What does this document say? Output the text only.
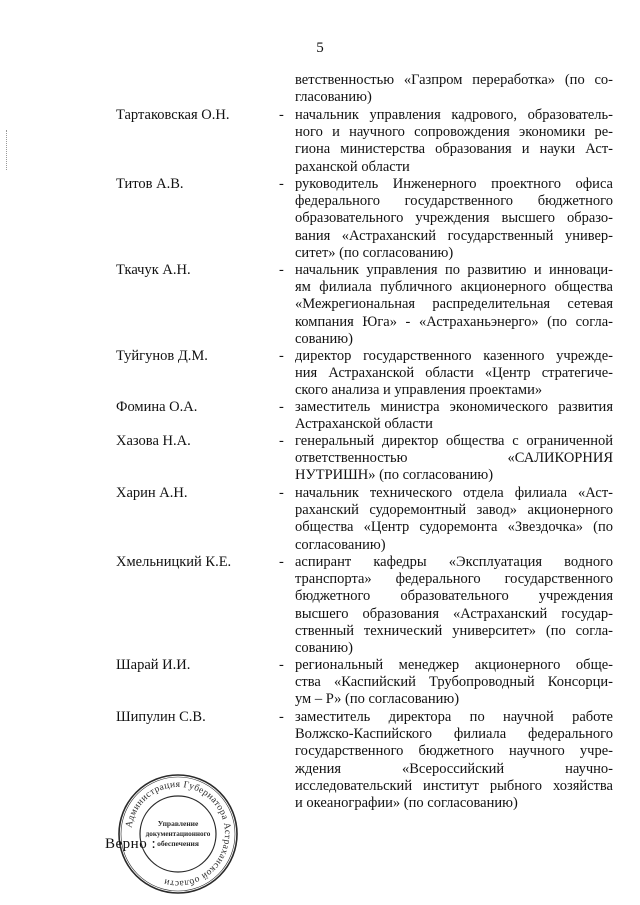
5
ветственностью «Газпром переработка» (по со-
гласованию)
Тартаковская О.Н.	- начальник управления кадрового, образователь-
ного и научного сопровождения экономики ре-
гиона министерства образования и науки Аст-
раханской области
Титов А.В.	- руководитель Инженерного проектного офиса
федерального государственного бюджетного
образовательного учреждения высшего образо-
вания «Астраханский государственный универ-
ситет» (по согласованию)
Ткачук А.Н.	- начальник управления по развитию и инноваци-
ям филиала публичного акционерного общества
«Межрегиональная распределительная сетевая
компания Юга» - «Астраханьэнерго» (по согла-
сованию)
Туйгунов Д.М.	- директор государственного казенного учрежде-
ния Астраханской области «Центр стратегиче-
ского анализа и управления проектами»
Фомина О.А.	- заместитель министра экономического развития
Астраханской области
Хазова Н.А.	- генеральный директор общества с ограниченной
ответственностью «САЛИКОРНИЯ
НУТРИШН» (по согласованию)
Харин А.Н.	- начальник технического отдела филиала «Аст-
раханский судоремонтный завод» акционерного
общества «Центр судоремонта «Звездочка» (по
согласованию)
Хмельницкий К.Е.	- аспирант кафедры «Эксплуатация водного
транспорта» федерального государственного
бюджетного образовательного учреждения
высшего образования «Астраханский государ-
ственный технический университет» (по согла-
сованию)
Шарай И.И.	- региональный менеджер акционерного обще-
ства «Каспийский Трубопроводный Консорци-
ум – Р» (по согласованию)
Шипулин С.В.	- заместитель директора по научной работе
Волжско-Каспийского филиала федерального
государственного бюджетного научного учре-
ждения «Всероссийский научно-
исследовательский институт рыбного хозяйства
и океанографии» (по согласованию)
Администрация Губернатора Астраханской области
Управление
документационного
обеспечения
Верно :
